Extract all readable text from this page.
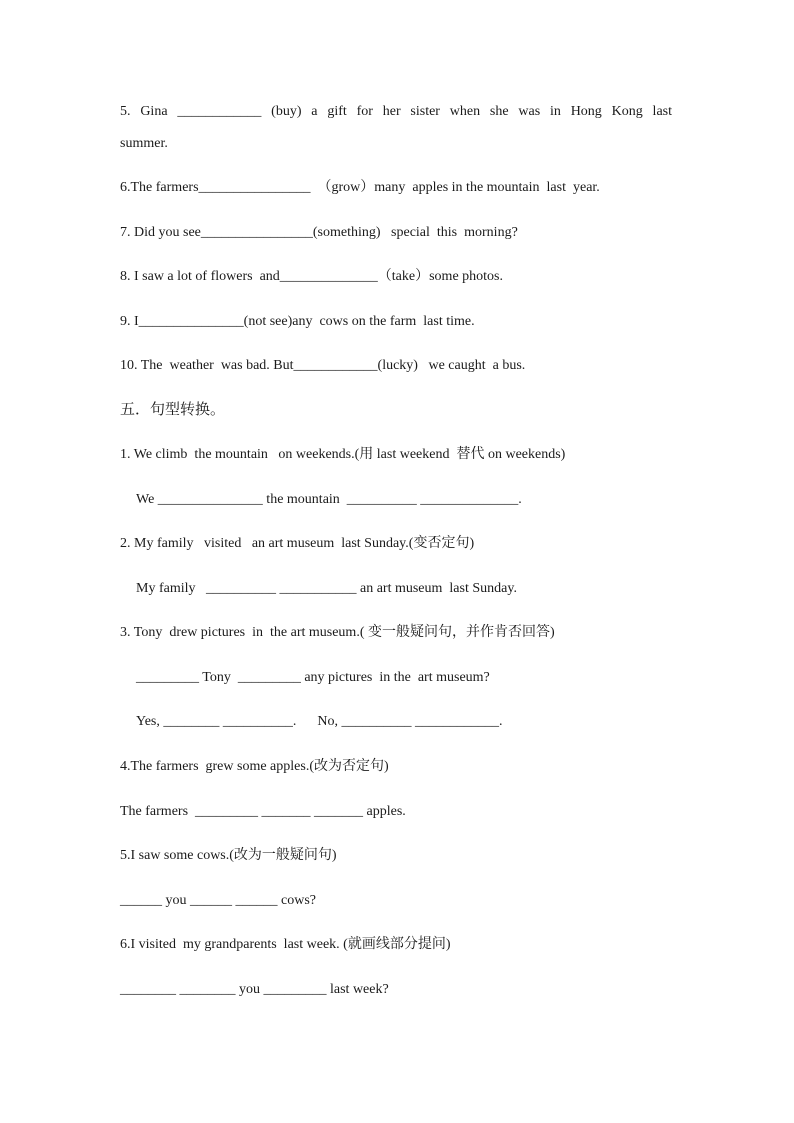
5. Gina ____________ (buy) a gift for her sister when she was in Hong Kong last
summer.
6.The farmers________________  （grow）many  apples in the mountain  last  year.
7. Did you see________________(something)   special  this  morning?
8. I saw a lot of flowers  and______________（take）some photos.
9. I_______________(not see)any  cows on the farm  last time.
10. The  weather  was bad. But____________(lucky)   we caught  a bus.
五．句型转换。
1. We climb  the mountain   on weekends.(用 last weekend  替代 on weekends)
We _______________ the mountain  __________ ______________.
2. My family   visited   an art museum  last Sunday.(变否定句)
My family   __________ ___________ an art museum  last Sunday.
3. Tony  drew pictures  in  the art museum.( 变一般疑问句，并作肯否回答)
_________ Tony  _________ any pictures  in the  art museum?
Yes, ________ __________.      No, __________ ____________.
4.The farmers  grew some apples.(改为否定句)
The farmers  _________ _______ _______ apples.
5.I saw some cows.(改为一般疑问句)
______ you ______ ______ cows?
6.I visited  my grandparents  last week. (就画线部分提问)
________ ________ you _________ last week?
